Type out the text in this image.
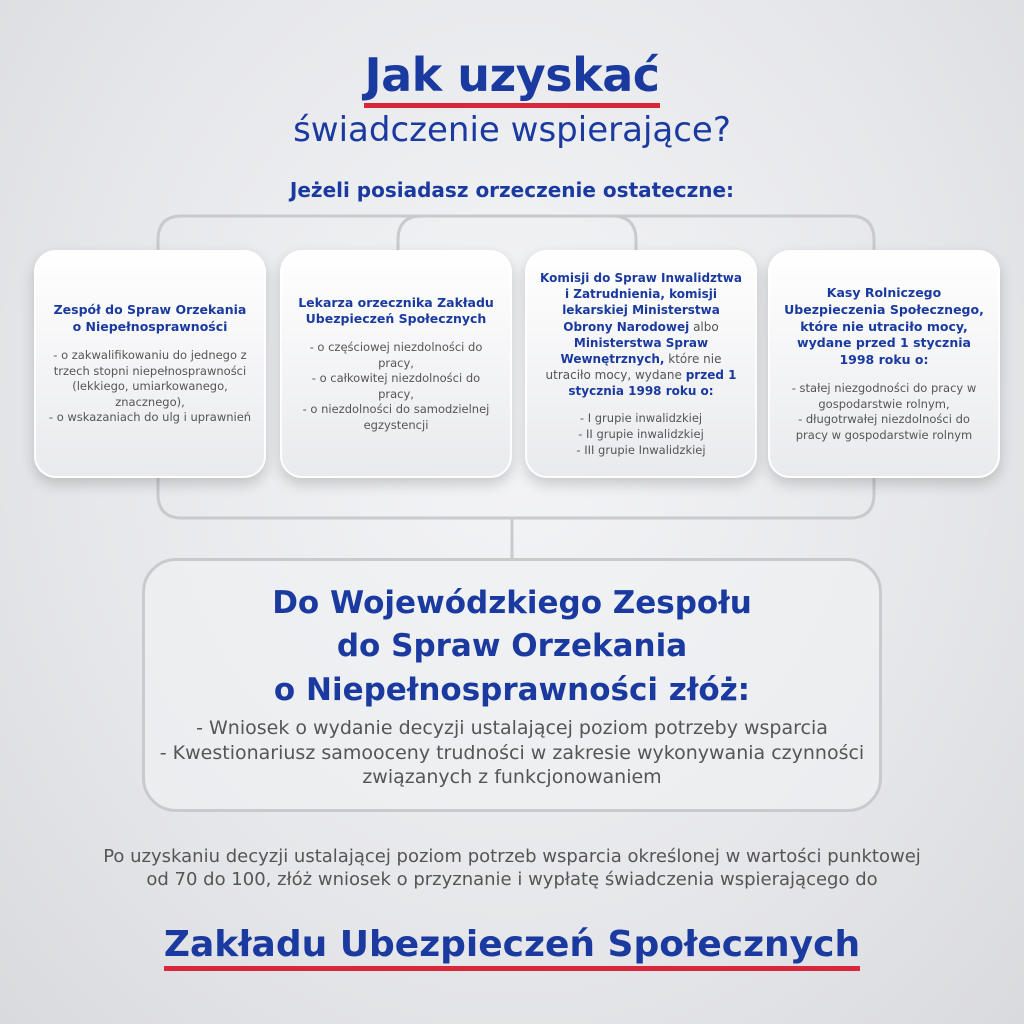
Jak uzyskać
świadczenie wspierające?
Jeżeli posiadasz orzeczenie ostateczne:
Zespół do Spraw Orzekania o Niepełnosprawności
- o zakwalifikowaniu do jednego z trzech stopni niepełnosprawności (lekkiego, umiarkowanego, znacznego),
- o wskazaniach do ulg i uprawnień
Lekarza orzecznika Zakładu Ubezpieczeń Społecznych
- o częściowej niezdolności do pracy,
- o całkowitej niezdolności do pracy,
- o niezdolności do samodzielnej egzystencji
Komisji do Spraw Inwalidztwa i Zatrudnienia, komisji lekarskiej Ministerstwa Obrony Narodowej albo Ministerstwa Spraw Wewnętrznych, które nie utraciło mocy, wydane przed 1 stycznia 1998 roku o:
- I grupie inwalidzkiej
- II grupie inwalidzkiej
- III grupie Inwalidzkiej
Kasy Rolniczego Ubezpieczenia Społecznego, które nie utraciło mocy, wydane przed 1 stycznia 1998 roku o:
- stałej niezgodności do pracy w gospodarstwie rolnym,
- długotrwałej niezdolności do pracy w gospodarstwie rolnym
Do Wojewódzkiego Zespołu
do Spraw Orzekania
o Niepełnosprawności złóż:
- Wniosek o wydanie decyzji ustalającej poziom potrzeby wsparcia
- Kwestionariusz samooceny trudności w zakresie wykonywania czynności związanych z funkcjonowaniem
Po uzyskaniu decyzji ustalającej poziom potrzeb wsparcia określonej w wartości punktowej od 70 do 100, złóż wniosek o przyznanie i wypłatę świadczenia wspierającego do
Zakładu Ubezpieczeń Społecznych
